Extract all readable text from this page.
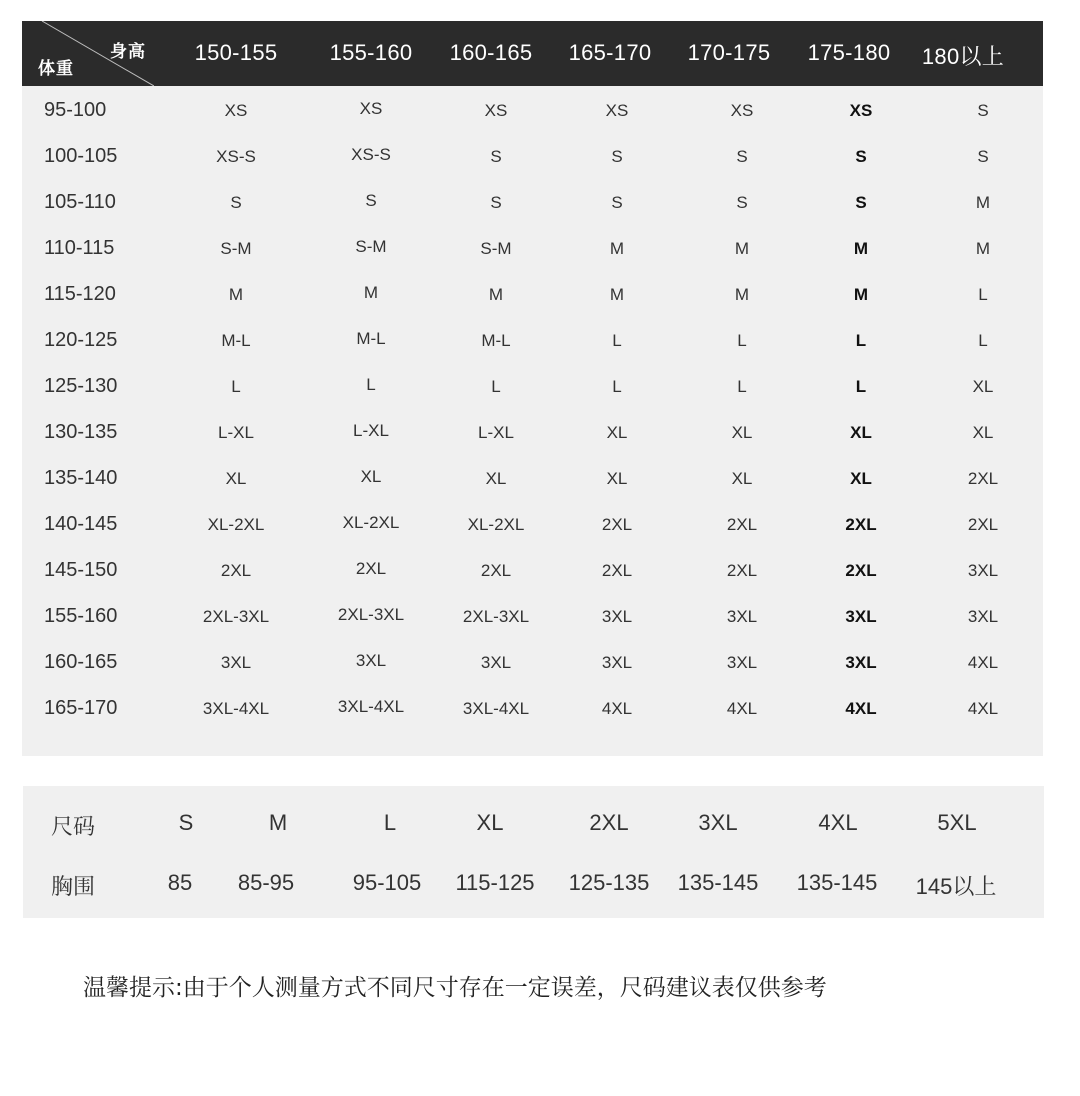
身高
体重
150-155	155-160	160-165	165-170	170-175	175-180	180以上
95-100	XS	XS	XS	XS	XS	XS	S
100-105	XS-S	XS-S	S	S	S	S	S
105-110	S	S	S	S	S	S	M
110-115	S-M	S-M	S-M	M	M	M	M
115-120	M	M	M	M	M	M	L
120-125	M-L	M-L	M-L	L	L	L	L
125-130	L	L	L	L	L	L	XL
130-135	L-XL	L-XL	L-XL	XL	XL	XL	XL
135-140	XL	XL	XL	XL	XL	XL	2XL
140-145	XL-2XL	XL-2XL	XL-2XL	2XL	2XL	2XL	2XL
145-150	2XL	2XL	2XL	2XL	2XL	2XL	3XL
155-160	2XL-3XL	2XL-3XL	2XL-3XL	3XL	3XL	3XL	3XL
160-165	3XL	3XL	3XL	3XL	3XL	3XL	4XL
165-170	3XL-4XL	3XL-4XL	3XL-4XL	4XL	4XL	4XL	4XL
尺码	S	M	L	XL	2XL	3XL	4XL	5XL
胸围	85	85-95	95-105	115-125	125-135	135-145	135-145	145以上
温馨提示:由于个人测量方式不同尺寸存在一定误差，尺码建议表仅供参考
